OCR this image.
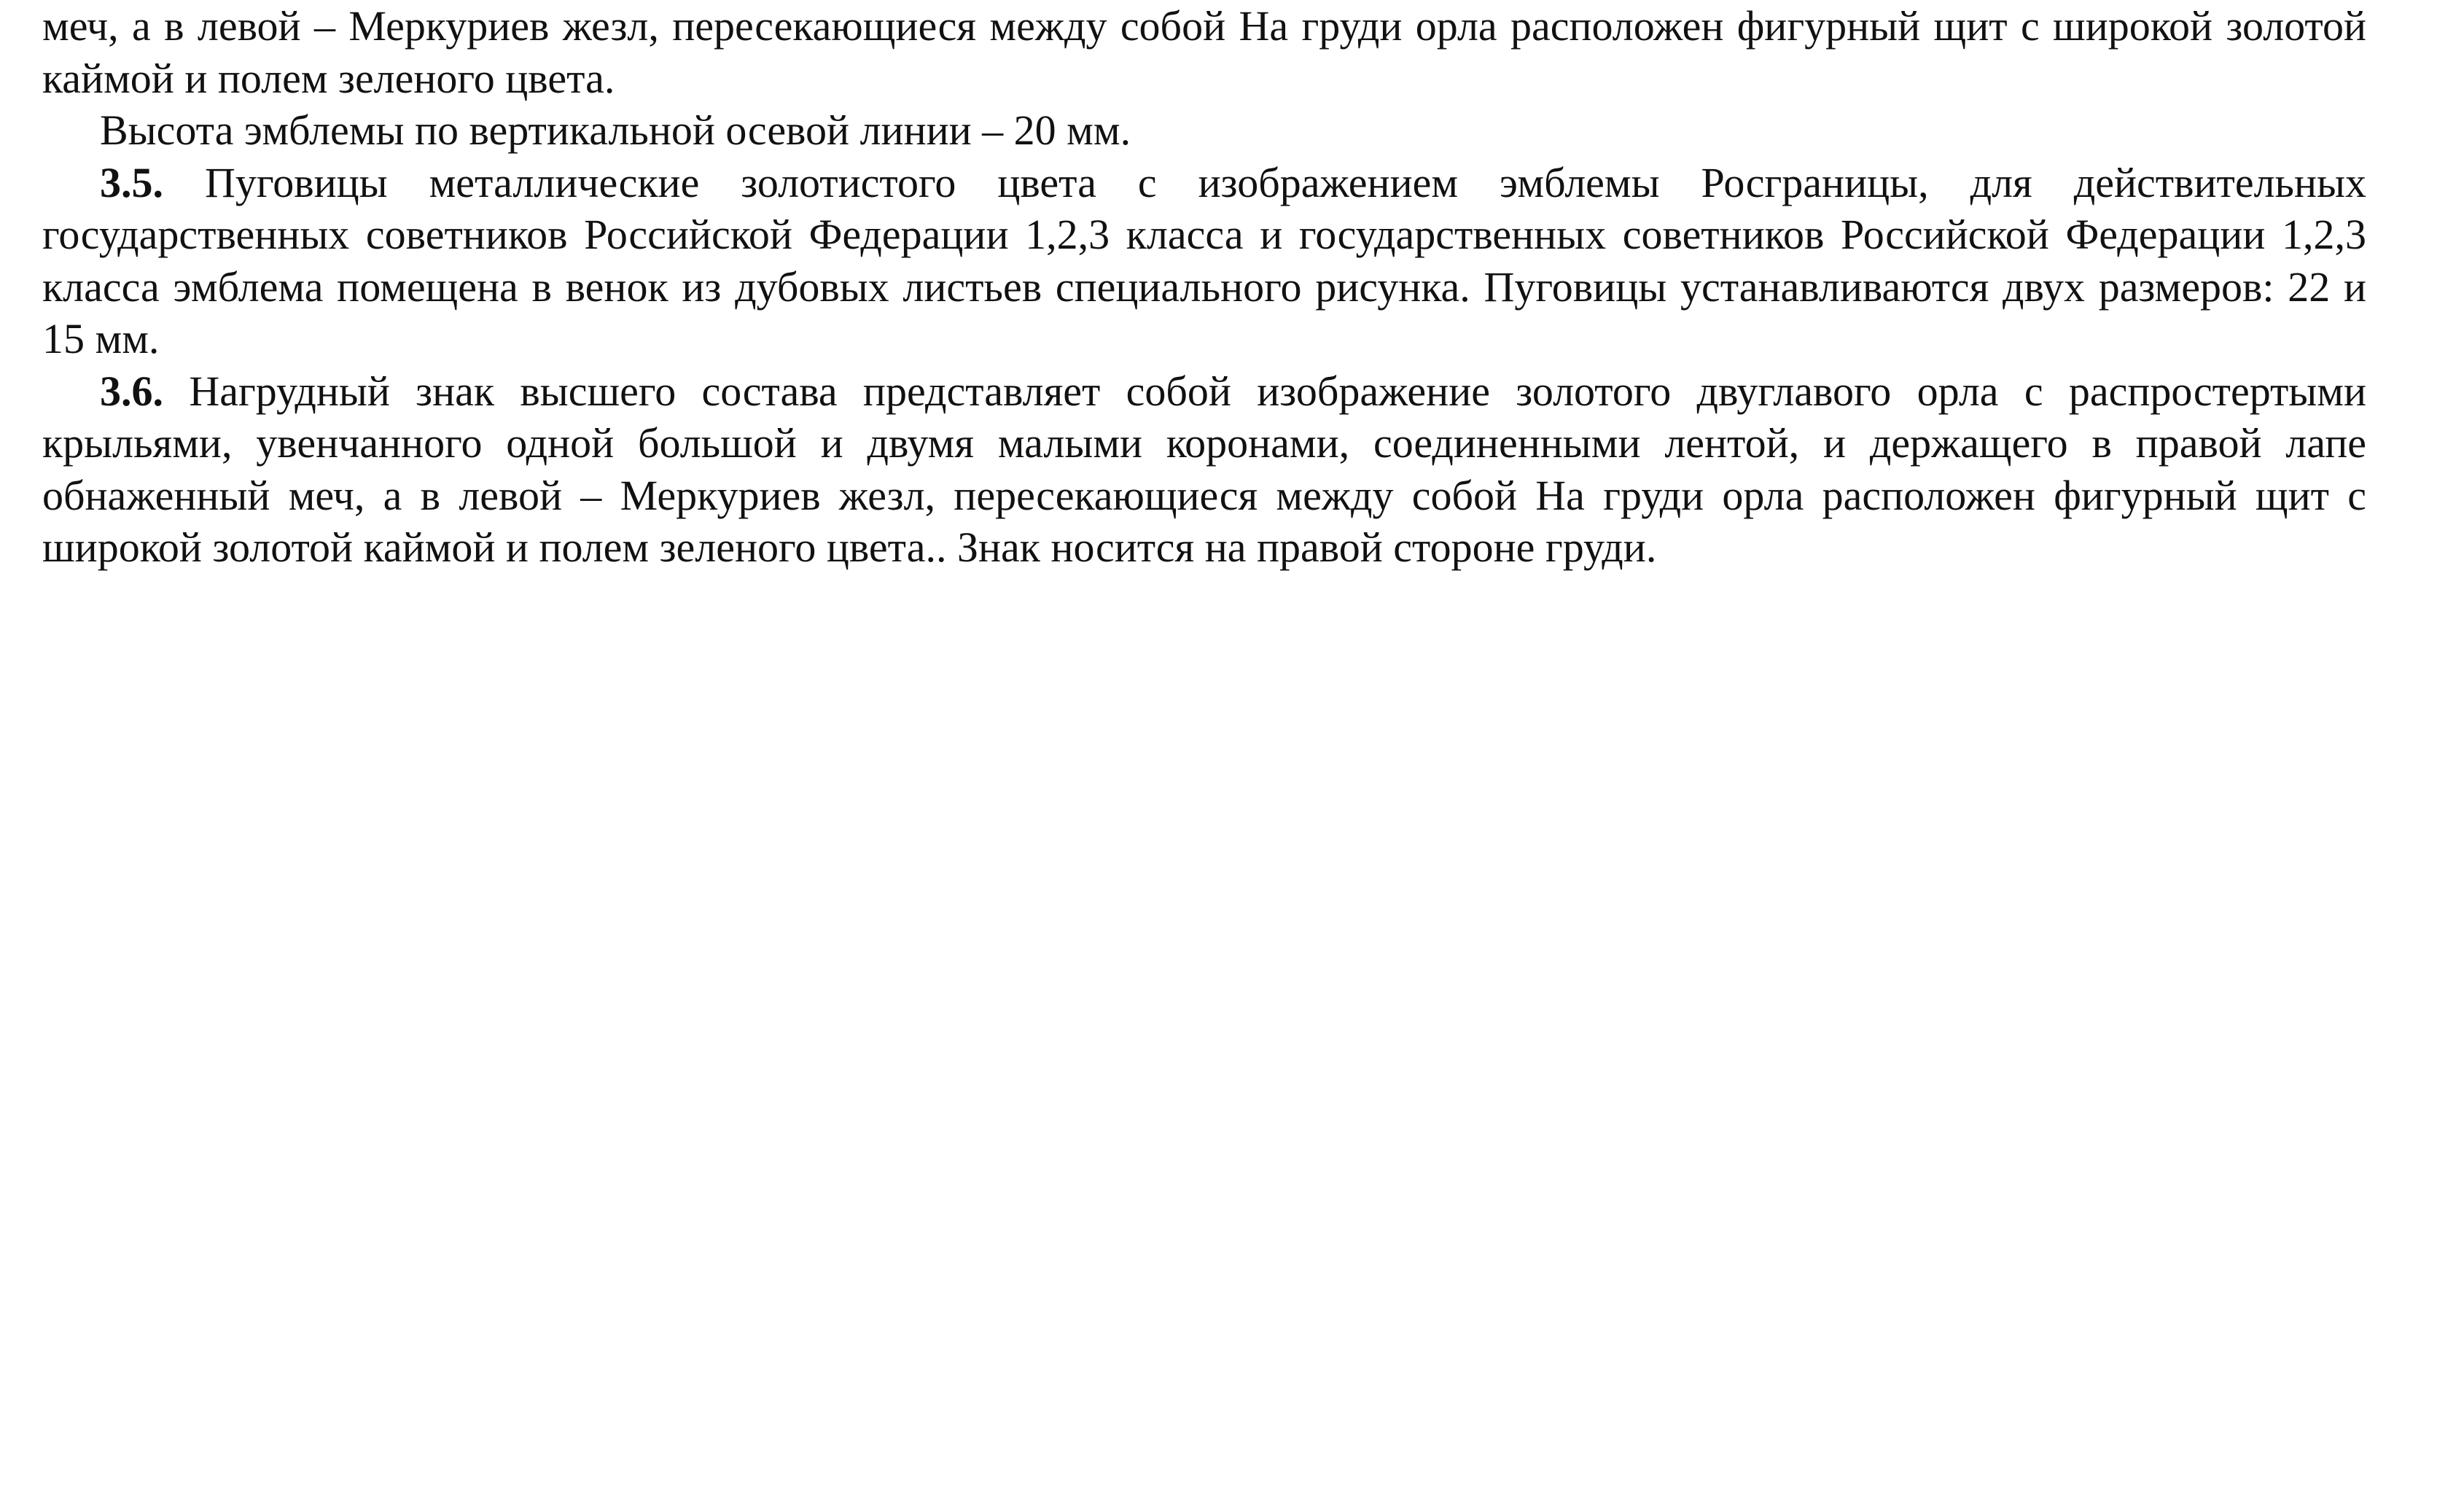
меч, а в левой – Меркуриев жезл, пересекающиеся между собой На груди орла расположен фигурный щит с широкой золотой каймой и полем зеленого цвета.

Высота эмблемы по вертикальной осевой линии – 20 мм.

3.5. Пуговицы металлические золотистого цвета с изображением эмблемы Росграницы, для действительных государственных советников Российской Федерации 1,2,3 класса и государственных советников Российской Федерации 1,2,3 класса эмблема помещена в венок из дубовых листьев специального рисунка. Пуговицы устанавливаются двух размеров: 22 и 15 мм.

3.6. Нагрудный знак высшего состава представляет собой изображение золотого двуглавого орла с распростертыми крыльями, увенчанного одной большой и двумя малыми коронами, соединенными лентой, и держащего в правой лапе обнаженный меч, а в левой – Меркуриев жезл, пересекающиеся между собой На груди орла расположен фигурный щит с широкой золотой каймой и полем зеленого цвета.. Знак носится на правой стороне груди.
